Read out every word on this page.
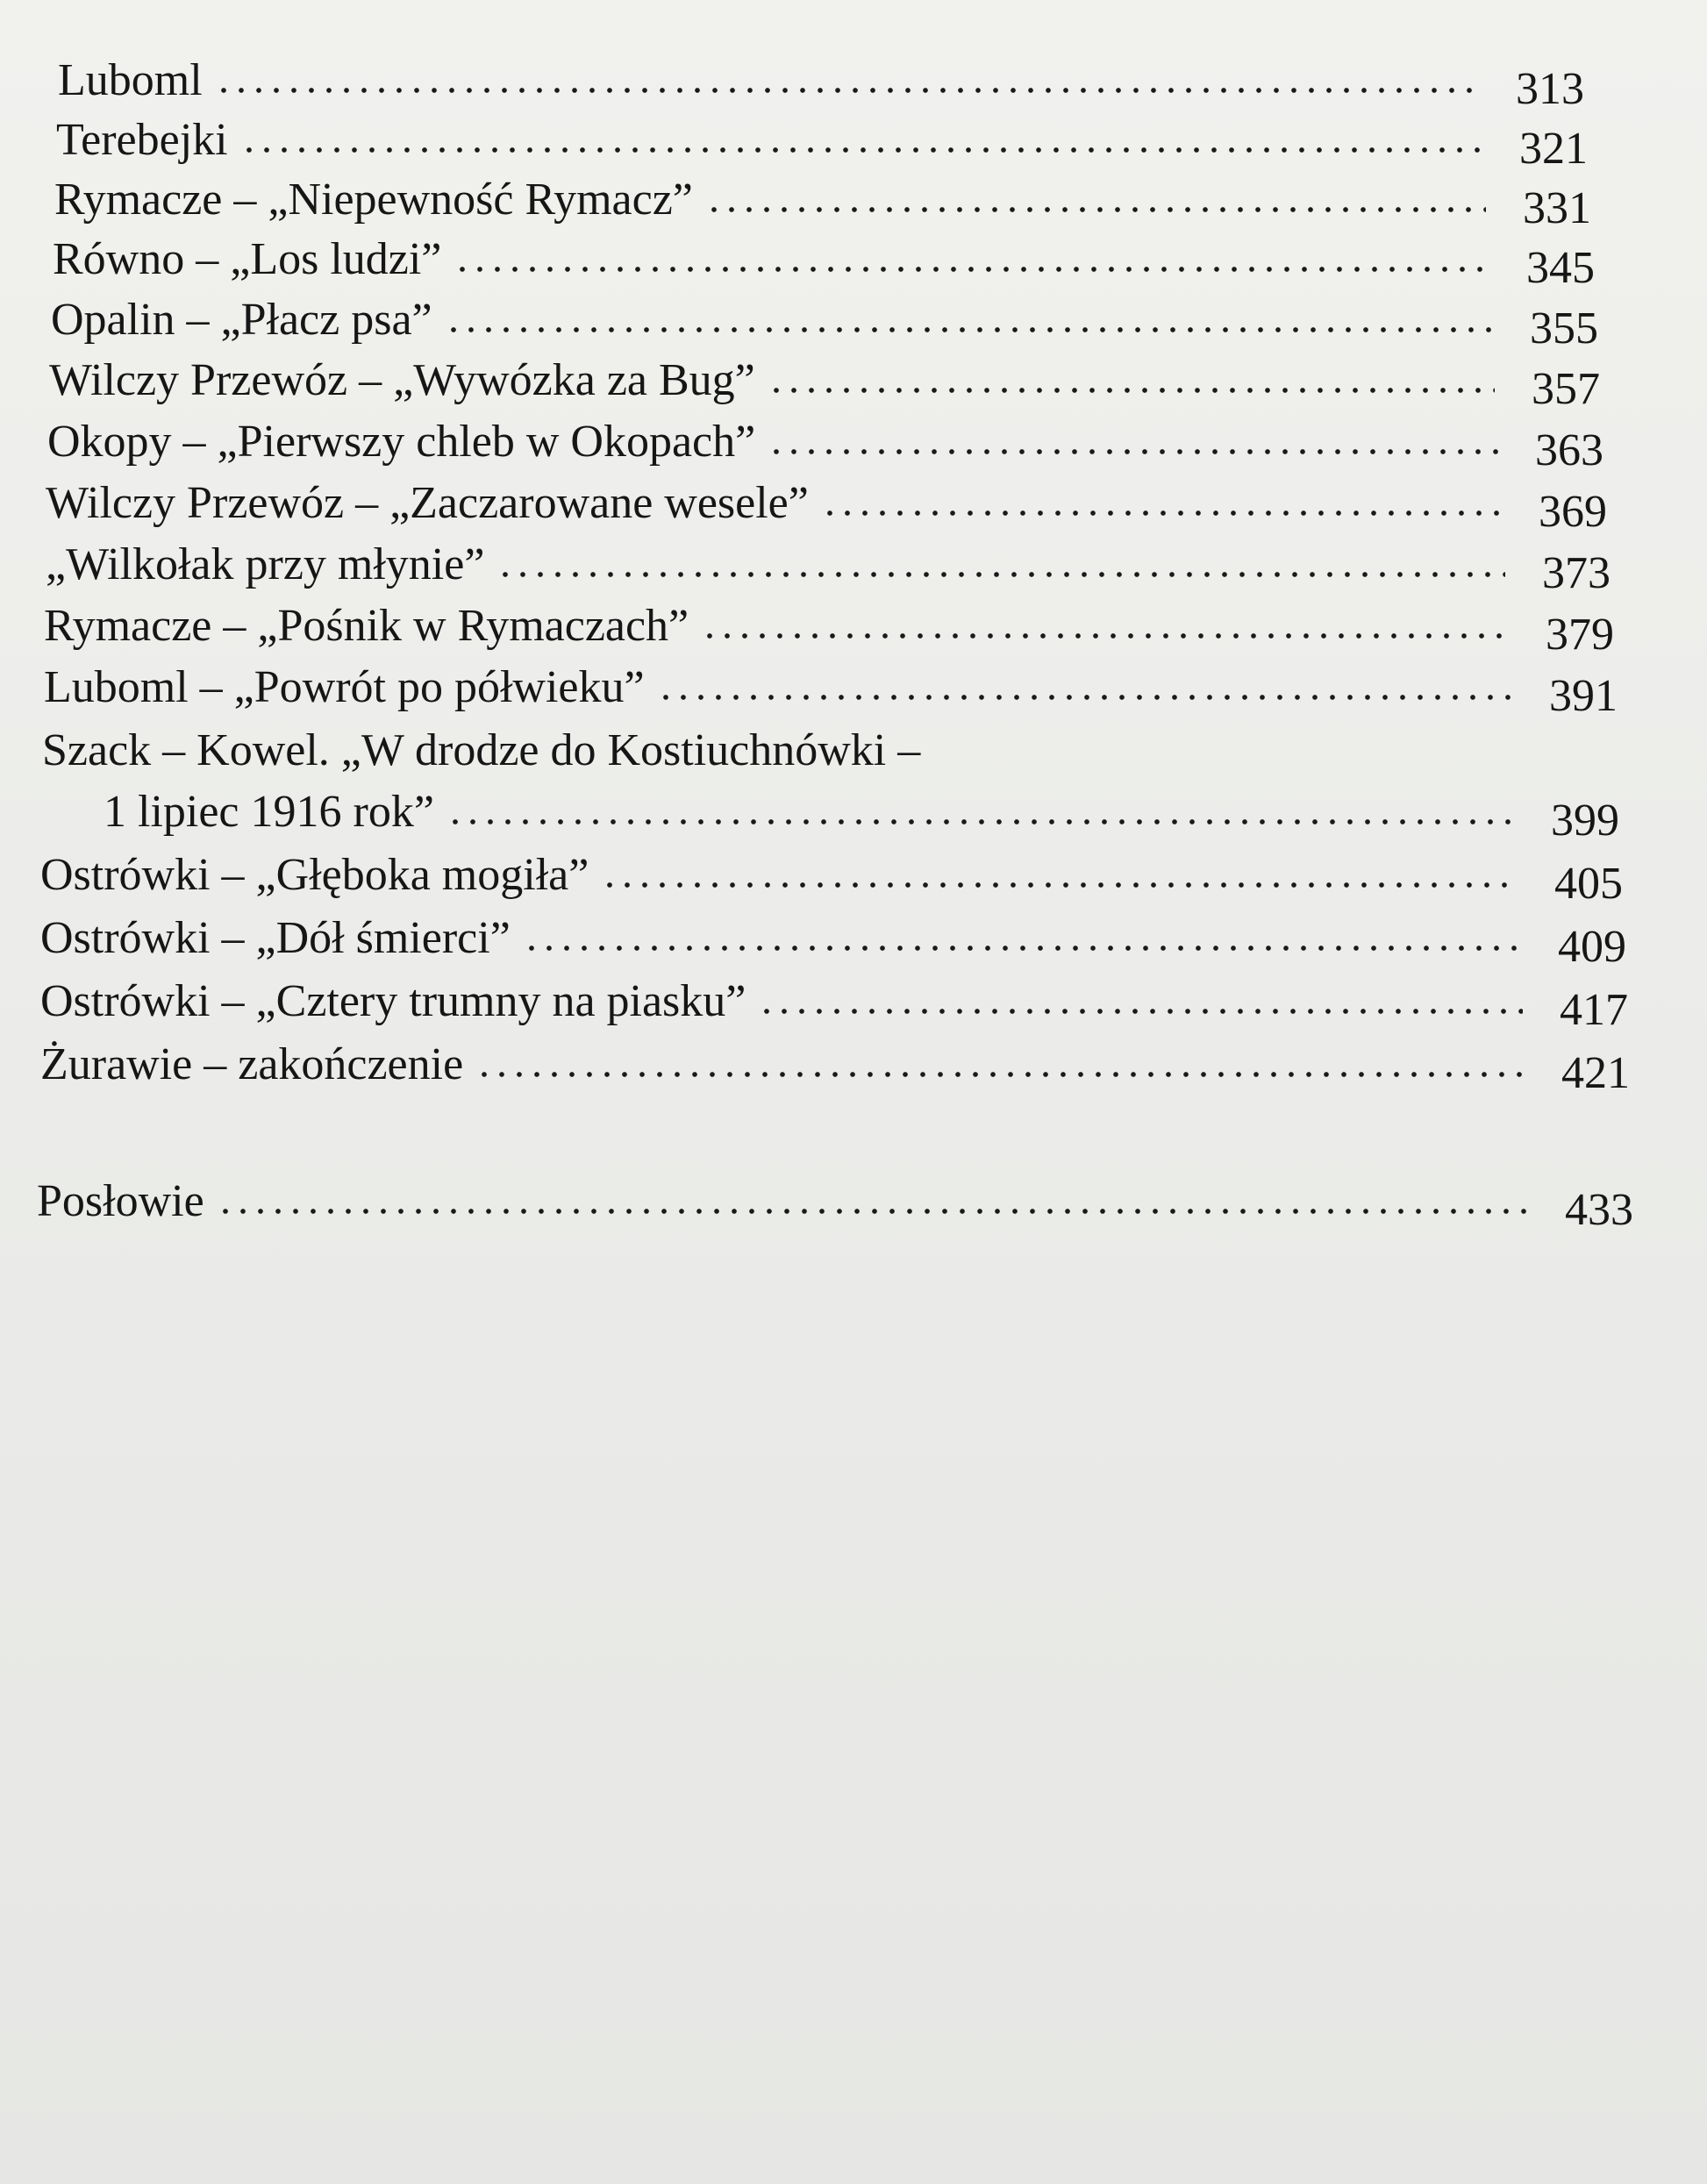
Luboml	313
Terebejki	321
Rymacze – „Niepewność Rymacz”	331
Równo – „Los ludzi”	345
Opalin – „Płacz psa”	355
Wilczy Przewóz – „Wywózka za Bug”	357
Okopy – „Pierwszy chleb w Okopach”	363
Wilczy Przewóz – „Zaczarowane wesele”	369
„Wilkołak przy młynie”	373
Rymacze – „Pośnik w Rymaczach”	379
Luboml – „Powrót po półwieku”	391
Szack – Kowel. „W drodze do Kostiuchnówki –
1 lipiec 1916 rok”	399
Ostrówki – „Głęboka mogiła”	405
Ostrówki – „Dół śmierci”	409
Ostrówki – „Cztery trumny na piasku”	417
Żurawie – zakończenie	421
Posłowie	433
